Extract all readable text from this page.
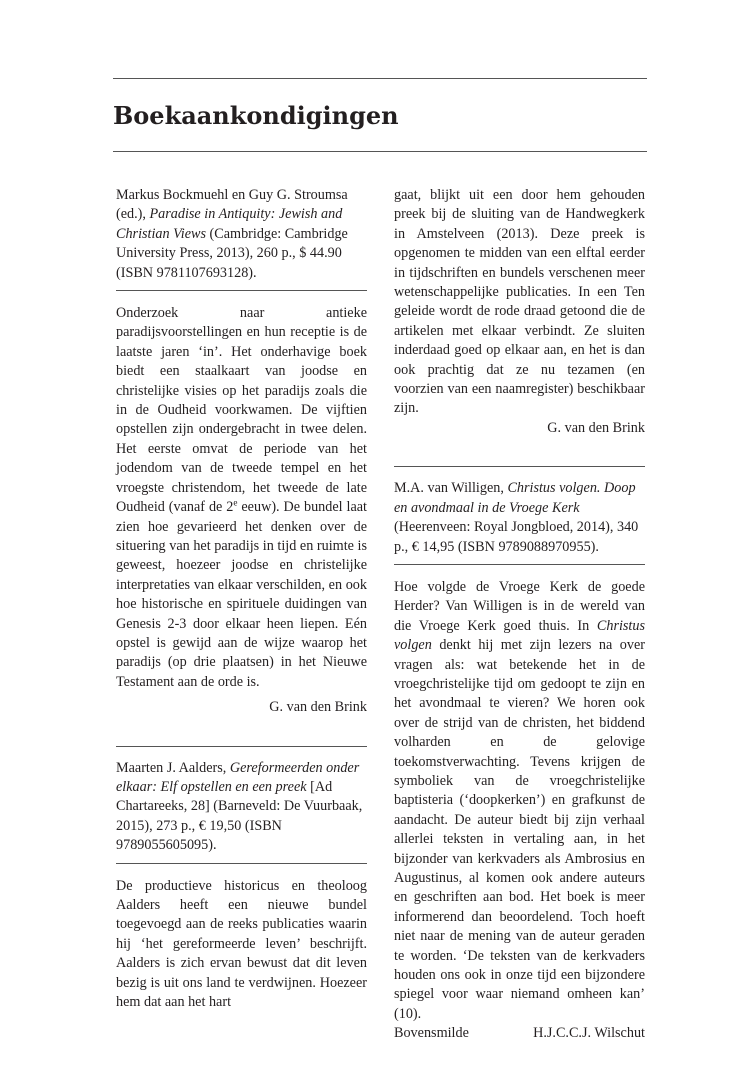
Boekaankondigingen
Markus Bockmuehl en Guy G. Stroumsa (ed.), Paradise in Antiquity: Jewish and Christian Views (Cambridge: Cambridge University Press, 2013), 260 p., $ 44.90 (ISBN 9781107693128).

Onderzoek naar antieke paradijsvoorstellingen en hun receptie is de laatste jaren ‘in’. Het onderhavige boek biedt een staalkaart van joodse en christelijke visies op het paradijs zoals die in de Oudheid voorkwamen. De vijftien opstellen zijn ondergebracht in twee delen. Het eerste omvat de periode van het jodendom van de tweede tempel en het vroegste christendom, het tweede de late Oudheid (vanaf de 2e eeuw). De bundel laat zien hoe gevarieerd het denken over de situering van het paradijs in tijd en ruimte is geweest, hoezeer joodse en christelijke interpretaties van elkaar verschilden, en ook hoe historische en spirituele duidingen van Genesis 2-3 door elkaar heen liepen. Eén opstel is gewijd aan de wijze waarop het paradijs (op drie plaatsen) in het Nieuwe Testament aan de orde is.

G. van den Brink

Maarten J. Aalders, Gereformeerden onder elkaar: Elf opstellen en een preek [Ad Chartareeks, 28] (Barneveld: De Vuurbaak, 2015), 273 p., € 19,50 (ISBN 9789055605095).

De productieve historicus en theoloog Aalders heeft een nieuwe bundel toegevoegd aan de reeks publicaties waarin hij ‘het gereformeerde leven’ beschrijft. Aalders is zich ervan bewust dat dit leven bezig is uit ons land te verdwijnen. Hoezeer hem dat aan het hart

gaat, blijkt uit een door hem gehouden preek bij de sluiting van de Handwegkerk in Amstelveen (2013). Deze preek is opgenomen te midden van een elftal eerder in tijdschriften en bundels verschenen meer wetenschappelijke publicaties. In een Ten geleide wordt de rode draad getoond die de artikelen met elkaar verbindt. Ze sluiten inderdaad goed op elkaar aan, en het is dan ook prachtig dat ze nu tezamen (en voorzien van een naamregister) beschikbaar zijn.

G. van den Brink

M.A. van Willigen, Christus volgen. Doop en avondmaal in de Vroege Kerk (Heerenveen: Royal Jongbloed, 2014), 340 p., € 14,95 (ISBN 9789088970955).

Hoe volgde de Vroege Kerk de goede Herder? Van Willigen is in de wereld van die Vroege Kerk goed thuis. In Christus volgen denkt hij met zijn lezers na over vragen als: wat betekende het in de vroegchristelijke tijd om gedoopt te zijn en het avondmaal te vieren? We horen ook over de strijd van de christen, het biddend volharden en de gelovige toekomstverwachting. Tevens krijgen de symboliek van de vroegchristelijke baptisteria (‘doopkerken’) en grafkunst de aandacht. De auteur biedt bij zijn verhaal allerlei teksten in vertaling aan, in het bijzonder van kerkvaders als Ambrosius en Augustinus, al komen ook andere auteurs en geschriften aan bod. Het boek is meer informerend dan beoordelend. Toch hoeft niet naar de mening van de auteur geraden te worden. ‘De teksten van de kerkvaders houden ons ook in onze tijd een bijzondere spiegel voor waar niemand omheen kan’ (10).

Bovensmilde	H.J.C.C.J. Wilschut
